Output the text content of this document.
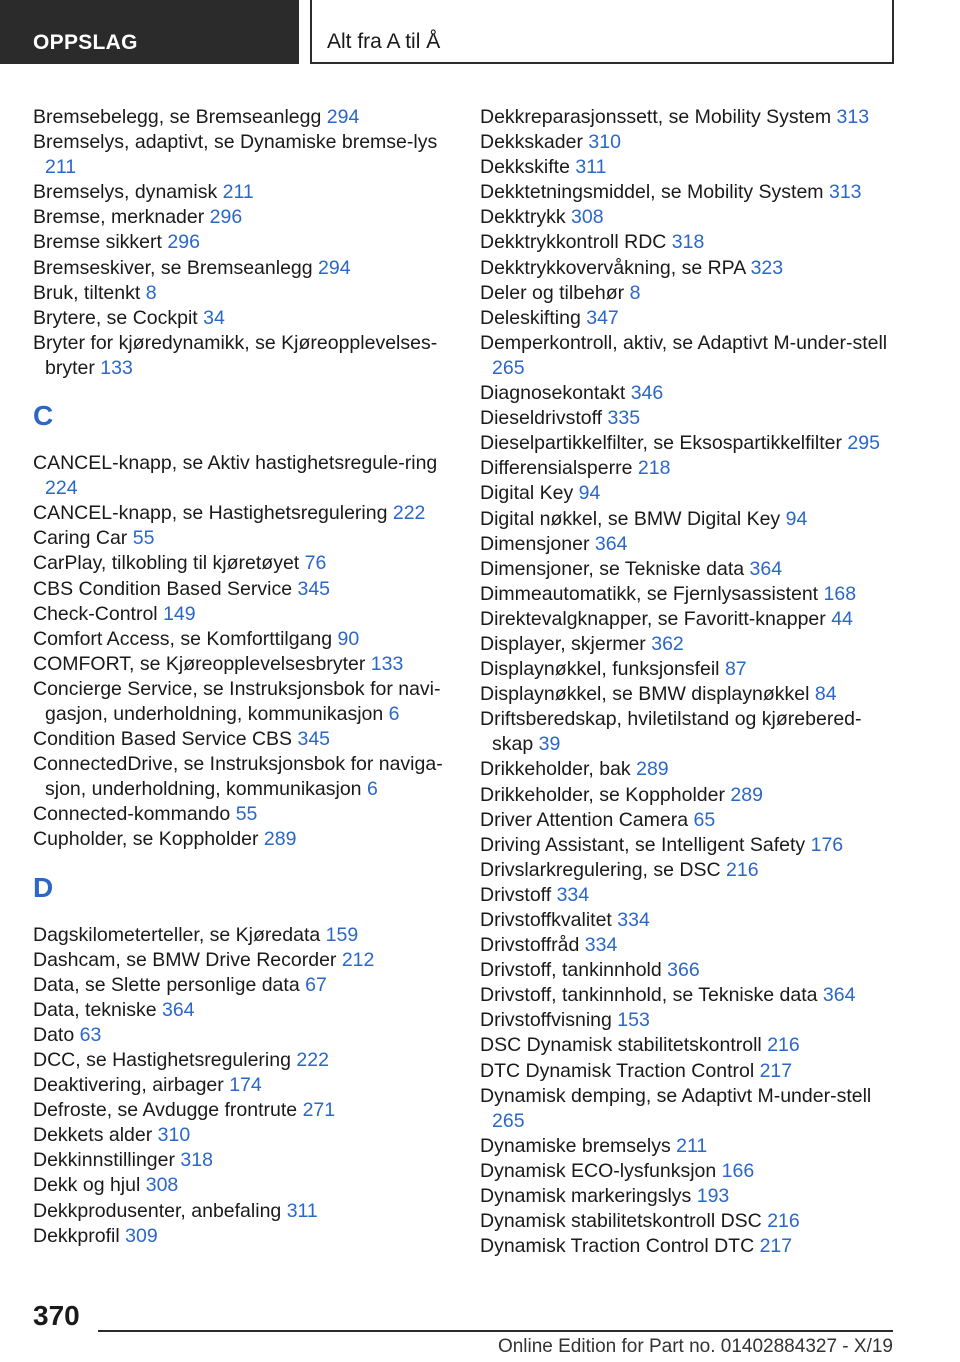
OPPSLAG	Alt fra A til Å
Bremsebelegg, se Bremseanlegg 294
Bremselys, adaptivt, se Dynamiske bremse‐lys 211
Bremselys, dynamisk 211
Bremse, merknader 296
Bremse sikkert 296
Bremseskiver, se Bremseanlegg 294
Bruk, tiltenkt 8
Brytere, se Cockpit 34
Bryter for kjøredynamikk, se Kjøreopplevelses‐bryter 133
C
CANCEL-knapp, se Aktiv hastighetsregule‐ring 224
CANCEL-knapp, se Hastighetsregulering 222
Caring Car 55
CarPlay, tilkobling til kjøretøyet 76
CBS Condition Based Service 345
Check-Control 149
Comfort Access, se Komforttilgang 90
COMFORT, se Kjøreopplevelsesbryter 133
Concierge Service, se Instruksjonsbok for navi‐gasjon, underholdning, kommunikasjon 6
Condition Based Service CBS 345
ConnectedDrive, se Instruksjonsbok for naviga‐sjon, underholdning, kommunikasjon 6
Connected-kommando 55
Cupholder, se Koppholder 289
D
Dagskilometerteller, se Kjøredata 159
Dashcam, se BMW Drive Recorder 212
Data, se Slette personlige data 67
Data, tekniske 364
Dato 63
DCC, se Hastighetsregulering 222
Deaktivering, airbager 174
Defroste, se Avdugge frontrute 271
Dekkets alder 310
Dekkinnstillinger 318
Dekk og hjul 308
Dekkprodusenter, anbefaling 311
Dekkprofil 309
Dekkreparasjonssett, se Mobility System 313
Dekkskader 310
Dekkskifte 311
Dekktetningsmiddel, se Mobility System 313
Dekktrykk 308
Dekktrykkontroll RDC 318
Dekktrykkovervåkning, se RPA 323
Deler og tilbehør 8
Deleskifting 347
Demperkontroll, aktiv, se Adaptivt M-under‐stell 265
Diagnosekontakt 346
Dieseldrivstoff 335
Dieselpartikkelfilter, se Eksospartikkelfilter 295
Differensialsperre 218
Digital Key 94
Digital nøkkel, se BMW Digital Key 94
Dimensjoner 364
Dimensjoner, se Tekniske data 364
Dimmeautomatikk, se Fjernlysassistent 168
Direktevalgknapper, se Favoritt-knapper 44
Displayer, skjermer 362
Displaynøkkel, funksjonsfeil 87
Displaynøkkel, se BMW displaynøkkel 84
Driftsberedskap, hviletilstand og kjørebered‐skap 39
Drikkeholder, bak 289
Drikkeholder, se Koppholder 289
Driver Attention Camera 65
Driving Assistant, se Intelligent Safety 176
Drivslarkregulering, se DSC 216
Drivstoff 334
Drivstoffkvalitet 334
Drivstoffråd 334
Drivstoff, tankinnhold 366
Drivstoff, tankinnhold, se Tekniske data 364
Drivstoffvisning 153
DSC Dynamisk stabilitetskontroll 216
DTC Dynamisk Traction Control 217
Dynamisk demping, se Adaptivt M-under‐stell 265
Dynamiske bremselys 211
Dynamisk ECO-lysfunksjon 166
Dynamisk markeringslys 193
Dynamisk stabilitetskontroll DSC 216
Dynamisk Traction Control DTC 217
370
Online Edition for Part no. 01402884327 - X/19
